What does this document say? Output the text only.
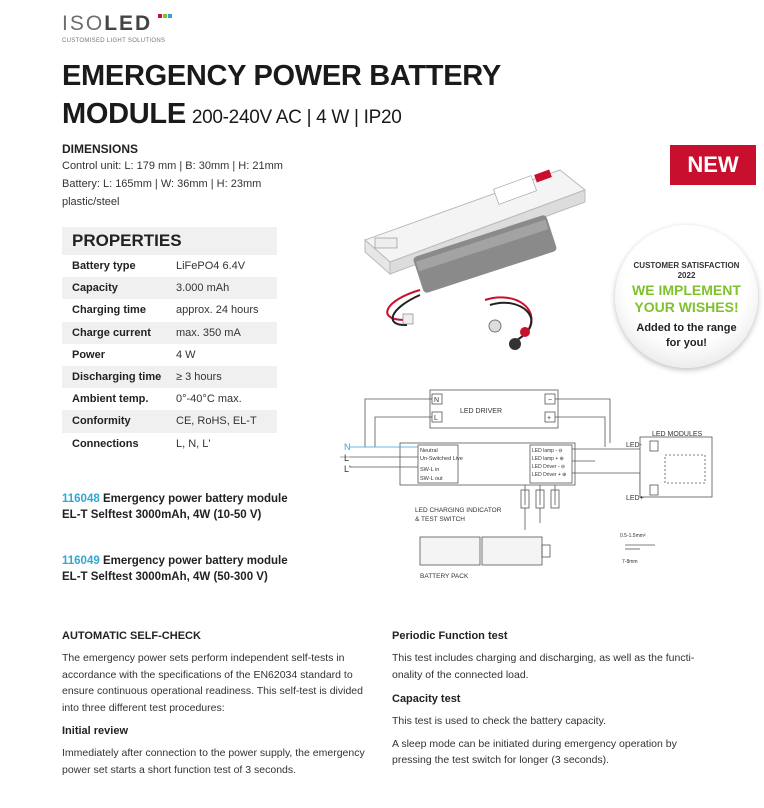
ISOLED
CUSTOMISED LIGHT SOLUTIONS
EMERGENCY POWER BATTERY
MODULE 200-240V AC | 4 W | IP20
DIMENSIONS
Control unit: L: 179 mm | B: 30mm | H: 21mm
Battery: L: 165mm | W: 36mm | H: 23mm
plastic/steel
PROPERTIES
Battery type	LiFePO4 6.4V
Capacity	3.000 mAh
Charging time	approx. 24 hours
Charge current	max. 350 mA
Power	4 W
Discharging time	≥ 3 hours
Ambient temp.	0°-40°C max.
Conformity	CE, RoHS, EL-T
Connections	L, N, L'
116048 Emergency power battery module
EL-T Selftest 3000mAh, 4W (10-50 V)
116049 Emergency power battery module
EL-T Selftest 3000mAh, 4W (50-300 V)
NEW
CUSTOMER SATISFACTION
2022
WE IMPLEMENT
YOUR WISHES!
Added to the range
for you!
LED DRIVER
N
L
−
+
LED MODULES
N
L
L'
Neutral
Un-Switched Live
SW-L in
SW-L out
LED lamp - ⊖
LED lamp + ⊕
LED Driver - ⊖
LED Driver + ⊕
LED-
LED+
LED CHARGING INDICATOR
& TEST SWITCH
BATTERY PACK
0.5-1.5mm²
7-8mm
AUTOMATIC SELF-CHECK
The emergency power sets perform independent self-tests in
accordance with the specifications of the EN62034 standard to
ensure continuous operational readiness. This self-test is divided
into three different test procedures:
Initial review
Immediately after connection to the power supply, the emergency
power set starts a short function test of 3 seconds.
Periodic Function test
This test includes charging and discharging, as well as the functi-
onality of the connected load.
Capacity test
This test is used to check the battery capacity.
A sleep mode can be initiated during emergency operation by
pressing the test switch for longer (3 seconds).
